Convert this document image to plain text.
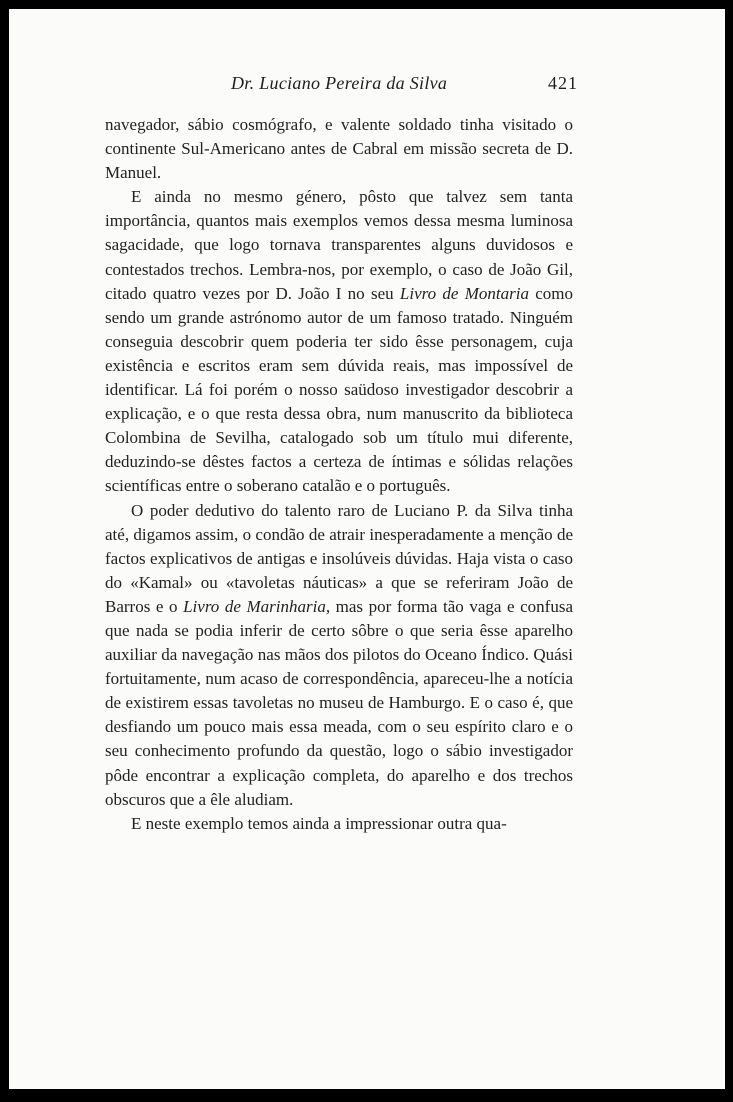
Dr. Luciano Pereira da Silva	421

navegador, sábio cosmógrafo, e valente soldado tinha visitado o continente Sul-Americano antes de Cabral em missão secreta de D. Manuel.

E ainda no mesmo género, pôsto que talvez sem tanta importância, quantos mais exemplos vemos dessa mesma luminosa sagacidade, que logo tornava transparentes alguns duvidosos e contestados trechos. Lembra-nos, por exemplo, o caso de João Gil, citado quatro vezes por D. João I no seu Livro de Montaria como sendo um grande astrónomo autor de um famoso tratado. Ninguém conseguia descobrir quem poderia ter sido êsse personagem, cuja existência e escritos eram sem dúvida reais, mas impossível de identificar. Lá foi porém o nosso saüdoso investigador descobrir a explicação, e o que resta dessa obra, num manuscrito da biblioteca Colombina de Sevilha, catalogado sob um título mui diferente, deduzindo-se dêstes factos a certeza de íntimas e sólidas relações scientíficas entre o soberano catalão e o português.

O poder dedutivo do talento raro de Luciano P. da Silva tinha até, digamos assim, o condão de atrair inesperadamente a menção de factos explicativos de antigas e insolúveis dúvidas. Haja vista o caso do «Kamal» ou «tavoletas náuticas» a que se referiram João de Barros e o Livro de Marinharia, mas por forma tão vaga e confusa que nada se podia inferir de certo sôbre o que seria êsse aparelho auxiliar da navegação nas mãos dos pilotos do Oceano Índico. Quási fortuitamente, num acaso de correspondência, apareceu-lhe a notícia de existirem essas tavoletas no museu de Hamburgo. E o caso é, que desfiando um pouco mais essa meada, com o seu espírito claro e o seu conhecimento profundo da questão, logo o sábio investigador pôde encontrar a explicação completa, do aparelho e dos trechos obscuros que a êle aludiam.

E neste exemplo temos ainda a impressionar outra qua-
